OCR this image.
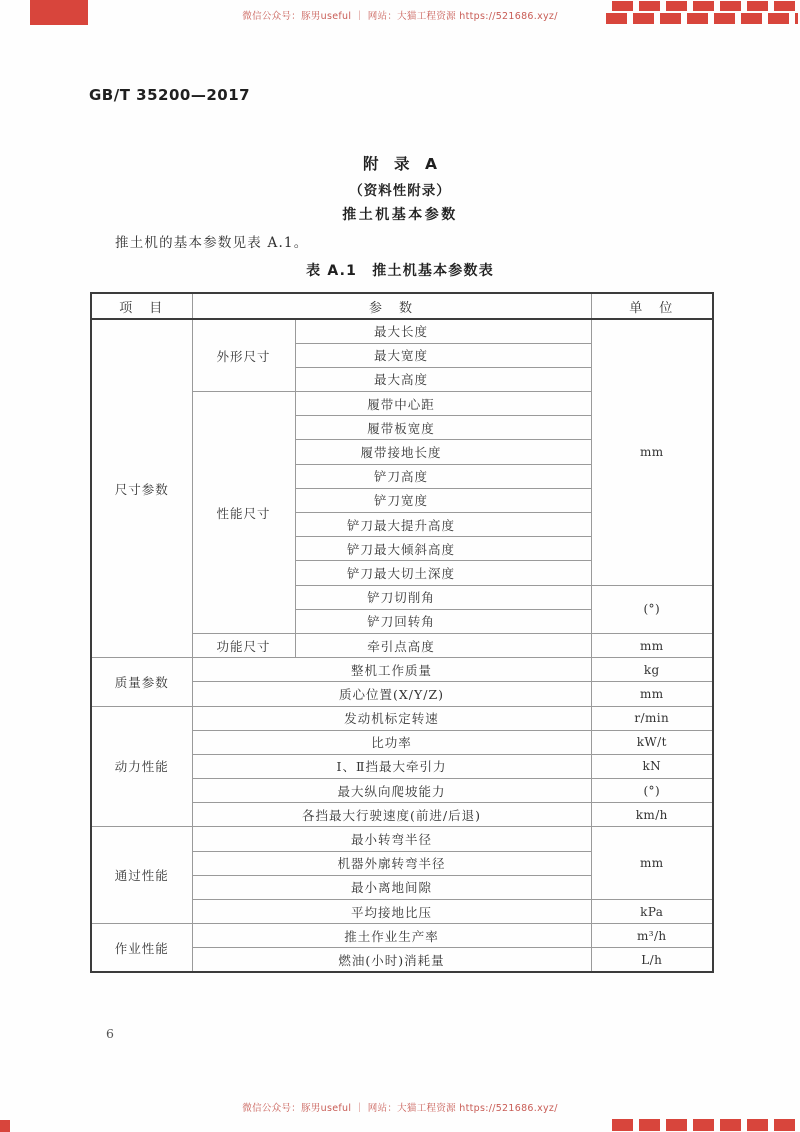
微信公众号：豚男useful ｜ 网站：大猫工程资源 https://521686.xyz/
GB/T 35200—2017
附　录　A
（资料性附录）
推土机基本参数
推土机的基本参数见表 A.1。
表 A.1　推土机基本参数表
项　目	参　数		单　位
尺寸参数	外形尺寸	最大长度	mm
		最大宽度	
		最大高度	
	性能尺寸	履带中心距	
		履带板宽度	
		履带接地长度	
		铲刀高度	
		铲刀宽度	
		铲刀最大提升高度	
		铲刀最大倾斜高度	
		铲刀最大切土深度	
		铲刀切削角	(°)
		铲刀回转角	
	功能尺寸	牵引点高度	mm
质量参数	整机工作质量		kg
	质心位置(X/Y/Z)		mm
动力性能	发动机标定转速		r/min
	比功率		kW/t
	Ⅰ、Ⅱ挡最大牵引力		kN
	最大纵向爬坡能力		(°)
	各挡最大行驶速度(前进/后退)		km/h
通过性能	最小转弯半径		mm
	机器外廓转弯半径		
	最小离地间隙		
	平均接地比压		kPa
作业性能	推土作业生产率		m³/h
	燃油(小时)消耗量		L/h
6
微信公众号：豚男useful ｜ 网站：大猫工程资源 https://521686.xyz/
